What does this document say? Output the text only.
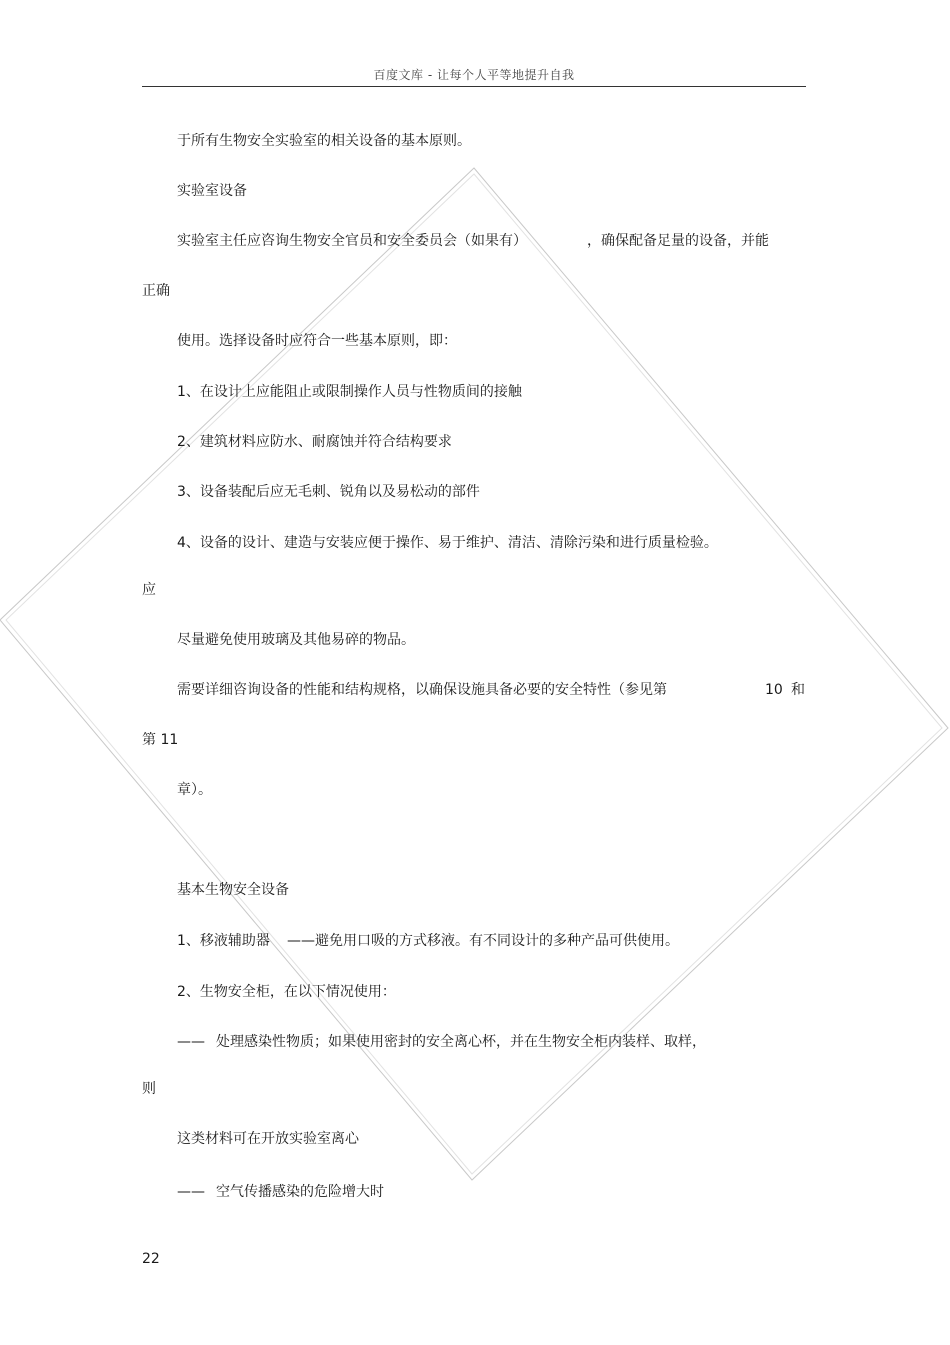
百度文库 - 让每个人平等地提升自我
于所有生物安全实验室的相关设备的基本原则。
实验室设备
实验室主任应咨询生物安全官员和安全委员会（如果有）	，确保配备足量的设备，并能
正确
使用。选择设备时应符合一些基本原则，即：
1、在设计上应能阻止或限制操作人员与性物质间的接触
2、建筑材料应防水、耐腐蚀并符合结构要求
3、设备装配后应无毛刺、锐角以及易松动的部件
4、设备的设计、建造与安装应便于操作、易于维护、清洁、清除污染和进行质量检验。
应
尽量避免使用玻璃及其他易碎的物品。
需要详细咨询设备的性能和结构规格，以确保设施具备必要的安全特性（参见第	10 和
第 11
章）。
基本生物安全设备
1、移液辅助器 ——避免用口吸的方式移液。有不同设计的多种产品可供使用。
2、生物安全柜，在以下情况使用：
—— 处理感染性物质；如果使用密封的安全离心杯，并在生物安全柜内装样、取样，
则
这类材料可在开放实验室离心
—— 空气传播感染的危险增大时
22
